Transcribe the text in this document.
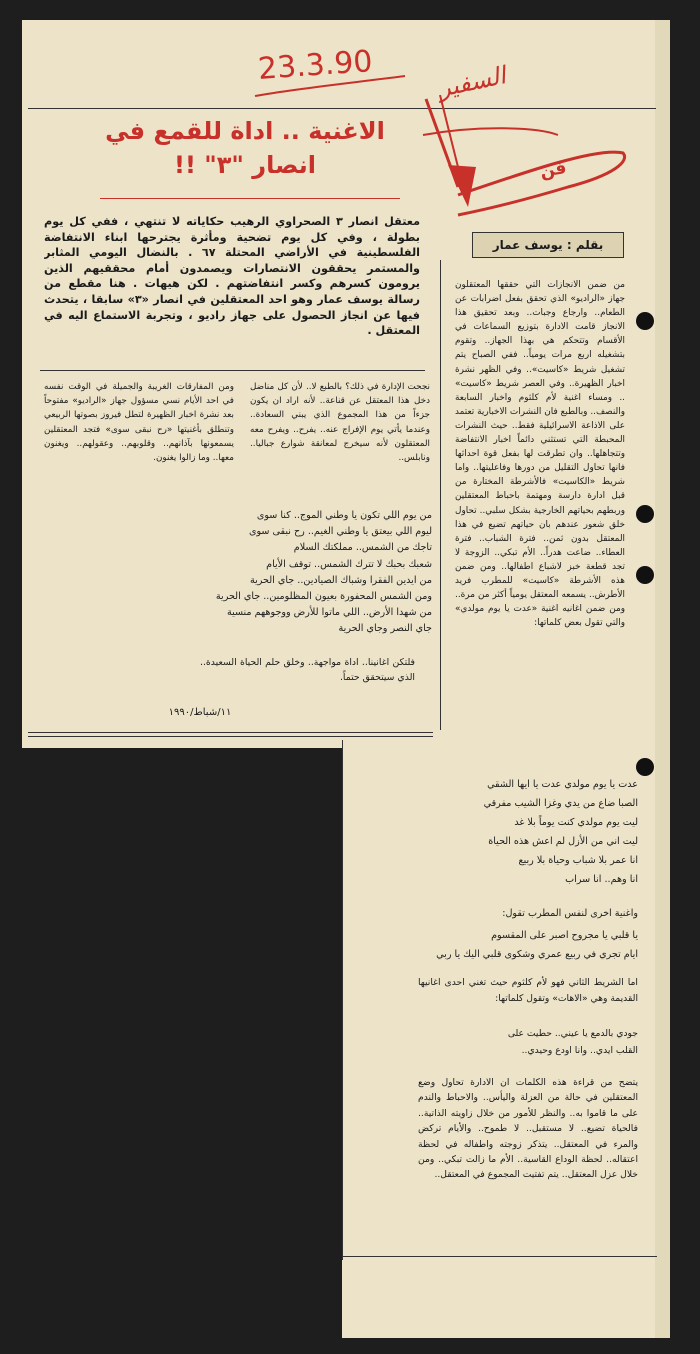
23.3.90	السفير
فن
الاغنية .. اداة للقمع في
انصار "٣" !!
معتقل انصار ٣ الصحراوي الرهيب حكاياته لا تنتهي ، ففي كل يوم بطولة ، وفي كل يوم تضحية ومأثرة يجترحها ابناء الانتفاضة الفلسطينية في الأراضي المحتلة ٦٧ . بالنضال اليومي المثابر والمستمر يحققون الانتصارات ويصمدون أمام محققيهم الذين يرومون كسرهم وكسر انتفاضتهم . لكن هيهات . هنا مقطع من رسالة يوسف عمار وهو احد المعتقلين في انصار «٣» سابقا ، يتحدث فيها عن انجاز الحصول على جهاز راديو ، وتجربة الاستماع اليه في المعتقل .
بقلم : يوسف عمار
من ضمن الانجازات التي حققها المعتقلون جهاز «الراديو» الذي تحقق بفعل اضرابات عن الطعام.. وارجاع وجبات.. وبعد تحقيق هذا الانجاز قامت الادارة بتوزيع السماعات في الأقسام وتتحكم هي بهذا الجهاز.. وتقوم بتشغيله اربع مرات يومياً.. ففي الصباح يتم تشغيل شريط «كاسيت».. وفي الظهر نشرة اخبار الظهيرة.. وفي العصر شريط «كاسيت» .. ومساء اغنية لأم كلثوم واخبار السابعة والنصف.. وبالطبع فان النشرات الاخبارية تعتمد على الاذاعة الاسرائيلية فقط.. حيث النشرات المحبطة التي تستثني دائماً اخبار الانتفاضة وتتجاهلها.. وان تطرقت لها بفعل قوة احداثها فانها تحاول التقليل من دورها وفاعليتها.. واما شريط «الكاسيت» فالأشرطة المختارة من قبل ادارة دارسة ومهتمة باحباط المعتقلين وربطهم بحياتهم الخارجية بشكل سلبي.. تحاول خلق شعور عندهم بان حياتهم تضيع في هذا المعتقل بدون ثمن.. فترة الشباب.. فترة العطاء.. ضاعت هدراً.. الأم تبكي.. الزوجة لا تجد قطعة خبز لاشباع اطفالها.. ومن ضمن هذه الأشرطة «كاسيت» للمطرب فريد الأطرش.. يسمعه المعتقل يومياً أكثر من مرة.. ومن ضمن اغانيه اغنية «عدت يا يوم مولدي» والتي تقول بعض كلماتها:
نجحت الإدارة في ذلك؟ بالطبع لا.. لأن كل مناضل دخل هذا المعتقل عن قناعة.. لأنه اراد ان يكون جزءاً من هذا المجموع الذي يبني السعادة.. وعندما يأتي يوم الإفراج عنه.. يفرح.. ويفرح معه المعتقلون لأنه سيخرج لمعانقة شوارع جباليا.. ونابلس..
ومن المفارقات الغريبة والجميلة في الوقت نفسه في احد الأيام نسي مسؤول جهاز «الراديو» مفتوحاً بعد نشرة اخبار الظهيرة لتطل فيروز بصوتها الربيعي وتنطلق بأغنيتها «رح نبقى سوى» فتجد المعتقلين يسمعونها بآذانهم.. وقلوبهم.. وعقولهم.. ويغنون معها.. وما زالوا يغنون.
من يوم اللي تكون يا وطني الموج.. كنا سوى
ليوم اللي بيعتق يا وطني الغيم.. رح نبقى سوى
تاجك من الشمس.. مملكتك السلام
شعبك بحبك لا تترك الشمس.. توقف الأيام
من ايدين الفقرا وشباك الصيادين.. جاي الحرية
ومن الشمس المحفورة بعيون المظلومين.. جاي الحرية
من شهدا الأرض.. اللي ماتوا للأرض ووجوههم منسية
جاي النصر وجاي الحرية
فلتكن اغانينا.. اداة مواجهة.. وخلق حلم الحياة السعيدة.. الذي سيتحقق حتماً.
١١/شباط/١٩٩٠
عدت يا يوم مولدي عدت يا ايها الشقي
الصبا ضاع من يدي وغزا الشيب مفرقي
ليت يوم مولدي كنت يوماً بلا غد
ليت اني من الأزل لم اعش هذه الحياة
انا عمر بلا شباب وحياة بلا ربيع
انا وهم.. انا سراب
واغنية اخرى لنفس المطرب تقول:
يا قلبي يا مجروح اصبر على المقسوم
ايام تجري في ربيع عمري وشكوى قلبي اليك يا ربي
اما الشريط الثاني فهو لأم كلثوم حيث تغني احدى اغانيها القديمة وهي «الاهات» وتقول كلماتها:
جودي بالدمع يا عيني.. حطيت على
القلب ايدي.. وانا اودع وحيدي..
يتضح من قراءة هذه الكلمات ان الادارة تحاول وضع المعتقلين في حالة من العزلة واليأس.. والاحباط والندم على ما قاموا به.. والنظر للأمور من خلال زاويته الذاتية.. فالحياة تضيع.. لا مستقبل.. لا طموح.. والأيام تركض والمرء في المعتقل.. يتذكر زوجته واطفاله في لحظة اعتقاله.. لحظة الوداع القاسية.. الأم ما زالت تبكي.. ومن خلال عزل المعتقل.. يتم تفتيت المجموع في المعتقل..
